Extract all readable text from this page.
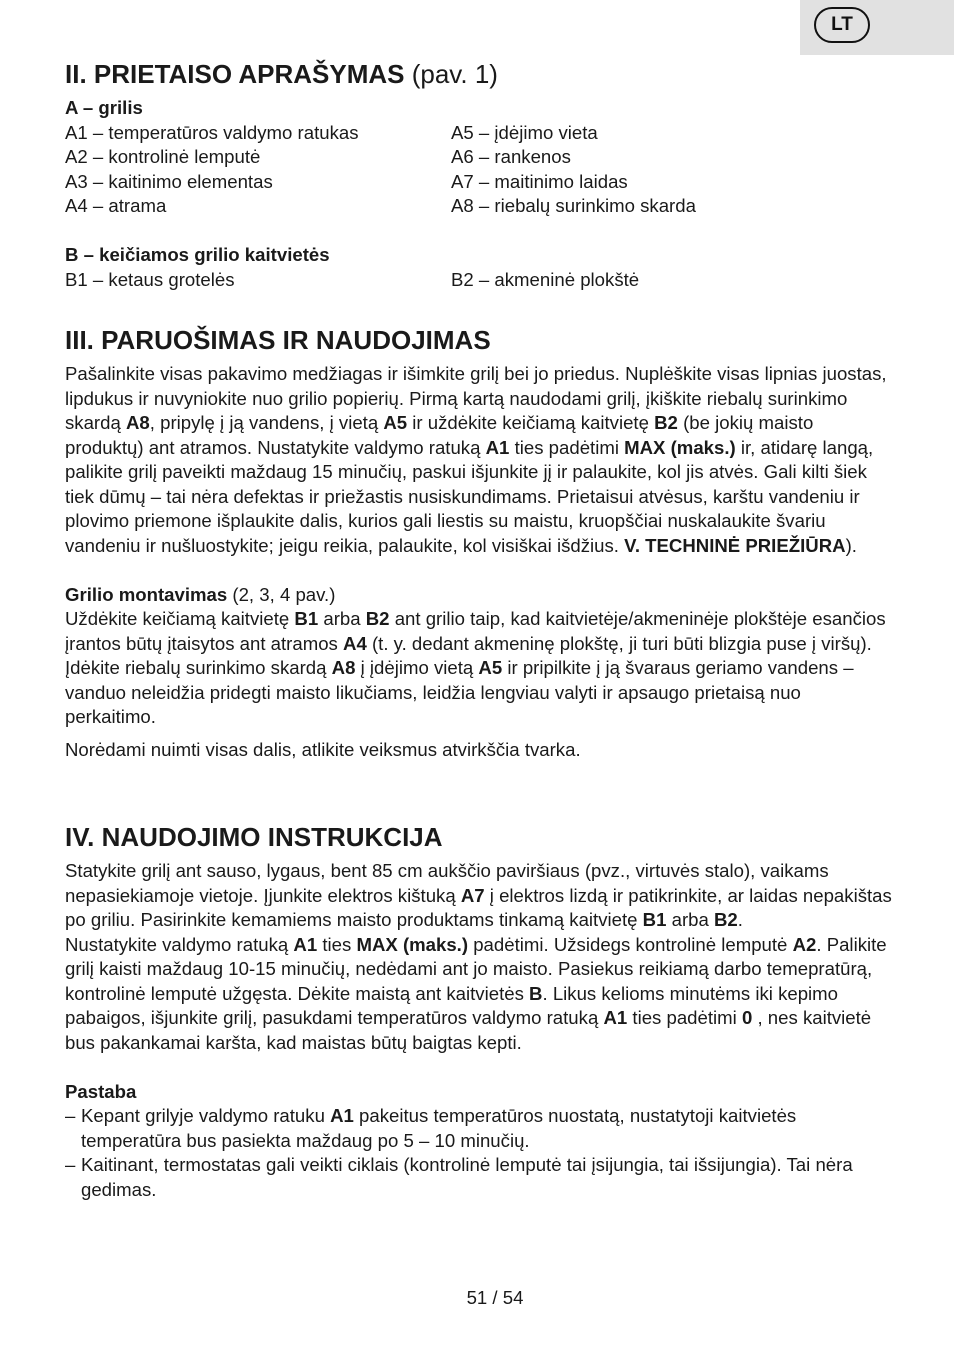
LT
II. PRIETAISO APRAŠYMAS (pav. 1)

A – grilis

A1 – temperatūros valdymo ratukas

A2 – kontrolinė lemputė

A3 – kaitinimo elementas

A4 – atrama

A5 – įdėjimo vieta

A6 – rankenos

A7 – maitinimo laidas

A8 – riebalų surinkimo skarda

B – keičiamos grilio kaitvietės

B1 – ketaus grotelės	B2 – akmeninė plokštė

III. PARUOŠIMAS IR NAUDOJIMAS

Pašalinkite visas pakavimo medžiagas ir išimkite grilį bei jo priedus. Nuplėškite visas lipnias juostas, lipdukus ir nuvyniokite nuo grilio popierių. Pirmą kartą naudodami grilį, įkiškite riebalų surinkimo skardą A8, pripylę į ją vandens, į vietą A5 ir uždėkite keičiamą kaitvietę B2 (be jokių maisto produktų) ant atramos. Nustatykite valdymo ratuką A1 ties padėtimi MAX (maks.) ir, atidarę langą, palikite grilį paveikti maždaug 15 minučių, paskui išjunkite jį ir palaukite, kol jis atvės. Gali kilti šiek tiek dūmų – tai nėra defektas ir priežastis nusiskundimams. Prietaisui atvėsus, karštu vandeniu ir plovimo priemone išplaukite dalis, kurios gali liestis su maistu, kruopščiai nuskalaukite švariu vandeniu ir nušluostykite; jeigu reikia, palaukite, kol visiškai išdžius. V. TECHNINĖ PRIEŽIŪRA).

Grilio montavimas (2, 3, 4 pav.)

Uždėkite keičiamą kaitvietę B1 arba B2 ant grilio taip, kad kaitvietėje/akmeninėje plokštėje esančios įrantos būtų įtaisytos ant atramos A4 (t. y. dedant akmeninę plokštę, ji turi būti blizgia puse į viršų). Įdėkite riebalų surinkimo skardą A8 į įdėjimo vietą A5 ir pripilkite į ją švaraus geriamo vandens – vanduo neleidžia pridegti maisto likučiams, leidžia lengviau valyti ir apsaugo prietaisą nuo perkaitimo.

Norėdami nuimti visas dalis, atlikite veiksmus atvirkščia tvarka.

IV. NAUDOJIMO INSTRUKCIJA

Statykite grilį ant sauso, lygaus, bent 85 cm aukščio paviršiaus (pvz., virtuvės stalo), vaikams nepasiekiamoje vietoje. Įjunkite elektros kištuką A7 į elektros lizdą ir patikrinkite, ar laidas nepakištas po griliu. Pasirinkite kemamiems maisto produktams tinkamą kaitvietę B1 arba B2.

Nustatykite valdymo ratuką A1 ties MAX (maks.) padėtimi. Užsidegs kontrolinė lemputė A2. Palikite grilį kaisti maždaug 10-15 minučių, nedėdami ant jo maisto. Pasiekus reikiamą darbo temepratūrą, kontrolinė lemputė užgęsta. Dėkite maistą ant kaitvietės B. Likus kelioms minutėms iki kepimo pabaigos, išjunkite grilį, pasukdami temperatūros valdymo ratuką A1 ties padėtimi 0 , nes kaitvietė bus pakankamai karšta, kad maistas būtų baigtas kepti.

Pastaba

– Kepant grilyje valdymo ratuku A1 pakeitus temperatūros nuostatą, nustatytoji kaitvietės temperatūra bus pasiekta maždaug po 5 – 10 minučių.
– Kaitinant, termostatas gali veikti ciklais (kontrolinė lemputė tai įsijungia, tai išsijungia). Tai nėra gedimas.
51 / 54
